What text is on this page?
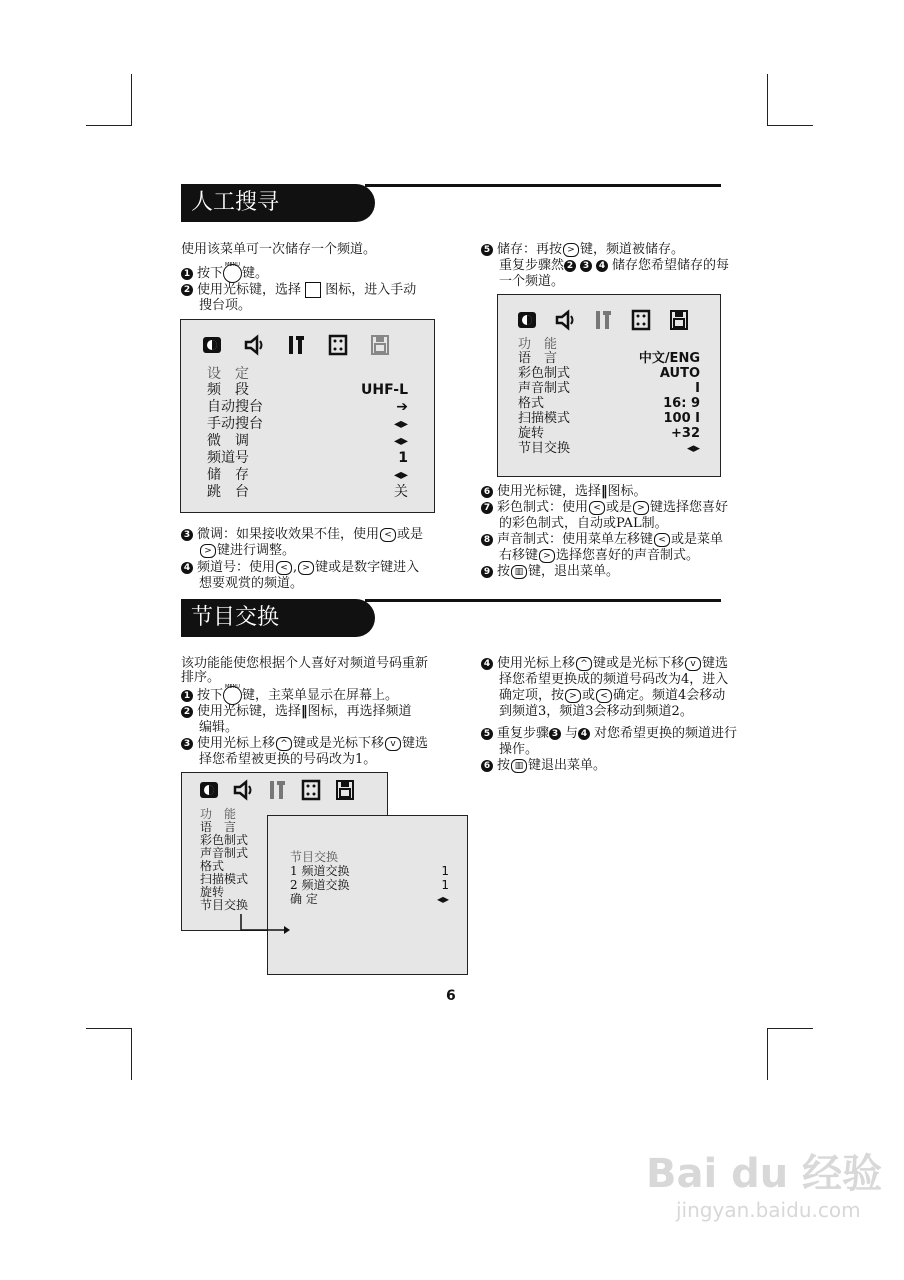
人工搜寻
使用该菜单可一次储存一个频道。
1 按下
MENU
键。
2 使用光标键，选择 图标，进入手动
搜台项。
设　定
频　段	UHF-L
自动搜台	➔
手动搜台	◂▸
微　调	◂▸
频道号	1
储　存	◂▸
跳　台	关
3 微调：如果接收效果不佳，使用 < 或是
> 键进行调整。
4 频道号：使用 < , > 键或是数字键进入
想要观赏的频道。
5 储存：再按 > 键，频道被储存。
重复步骤然 2 3 4 储存您希望储存的每
一个频道。
功　能
语　言	中文/ENG
彩色制式	AUTO
声音制式	I
格式	16: 9
扫描模式	100 I
旋转	+32
节目交换	◂▸
6 使用光标键，选择‖图标。
7 彩色制式：使用 < 或是 > 键选择您喜好
的彩色制式，自动或PAL制。
8 声音制式：使用菜单左移键 < 或是菜单
右移键 > 选择您喜好的声音制式。
9 按 ▥ 键，退出菜单。
节目交换
该功能能使您根据个人喜好对频道号码重新
排序。
1 按下
MENU
键，主菜单显示在屏幕上。
2 使用光标键，选择‖图标，再选择频道
编辑。
3 使用光标上移 ^ 键或是光标下移 v 键选
择您希望被更换的号码改为1。
功　能
语　言
彩色制式
声音制式
格式
扫描模式
旋转
节目交换
节目交换
1 频道交换	1
2 频道交换	1
确 定	◂▸
4 使用光标上移 ^ 键或是光标下移 v 键选
择您希望更换成的频道号码改为4，进入
确定项，按 > 或 < 确定。频道4会移动
到频道3，频道3会移动到频道2。
5 重复步骤 3 与 4 对您希望更换的频道进行
操作。
6 按 ▥ 键退出菜单。
6
Bai du 经验
jingyan.baidu.com
